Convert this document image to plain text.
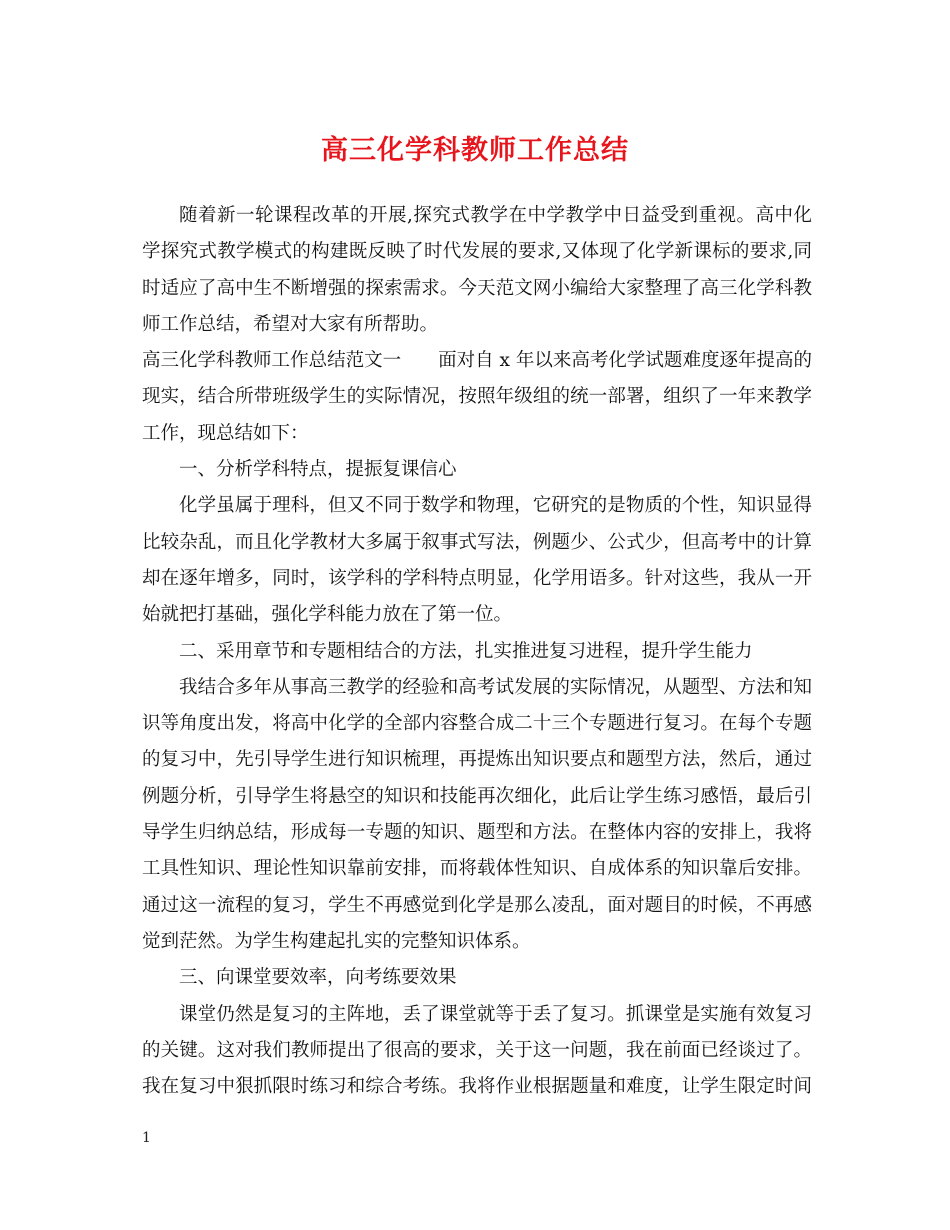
高三化学科教师工作总结
随着新一轮课程改革的开展,探究式教学在中学教学中日益受到重视。高中化
学探究式教学模式的构建既反映了时代发展的要求,又体现了化学新课标的要求,同
时适应了高中生不断增强的探索需求。今天范文网小编给大家整理了高三化学科教
师工作总结，希望对大家有所帮助。
高三化学科教师工作总结范文一　　面对自 x 年以来高考化学试题难度逐年提高的
现实，结合所带班级学生的实际情况，按照年级组的统一部署，组织了一年来教学
工作，现总结如下：
一、分析学科特点，提振复课信心
化学虽属于理科，但又不同于数学和物理，它研究的是物质的个性，知识显得
比较杂乱，而且化学教材大多属于叙事式写法，例题少、公式少，但高考中的计算
却在逐年增多，同时，该学科的学科特点明显，化学用语多。针对这些，我从一开
始就把打基础，强化学科能力放在了第一位。
二、采用章节和专题相结合的方法，扎实推进复习进程，提升学生能力
我结合多年从事高三教学的经验和高考试发展的实际情况，从题型、方法和知
识等角度出发，将高中化学的全部内容整合成二十三个专题进行复习。在每个专题
的复习中，先引导学生进行知识梳理，再提炼出知识要点和题型方法，然后，通过
例题分析，引导学生将悬空的知识和技能再次细化，此后让学生练习感悟，最后引
导学生归纳总结，形成每一专题的知识、题型和方法。在整体内容的安排上，我将
工具性知识、理论性知识靠前安排，而将载体性知识、自成体系的知识靠后安排。
通过这一流程的复习，学生不再感觉到化学是那么凌乱，面对题目的时候，不再感
觉到茫然。为学生构建起扎实的完整知识体系。
三、向课堂要效率，向考练要效果
课堂仍然是复习的主阵地，丢了课堂就等于丢了复习。抓课堂是实施有效复习
的关键。这对我们教师提出了很高的要求，关于这一问题，我在前面已经谈过了。
我在复习中狠抓限时练习和综合考练。我将作业根据题量和难度，让学生限定时间
1
